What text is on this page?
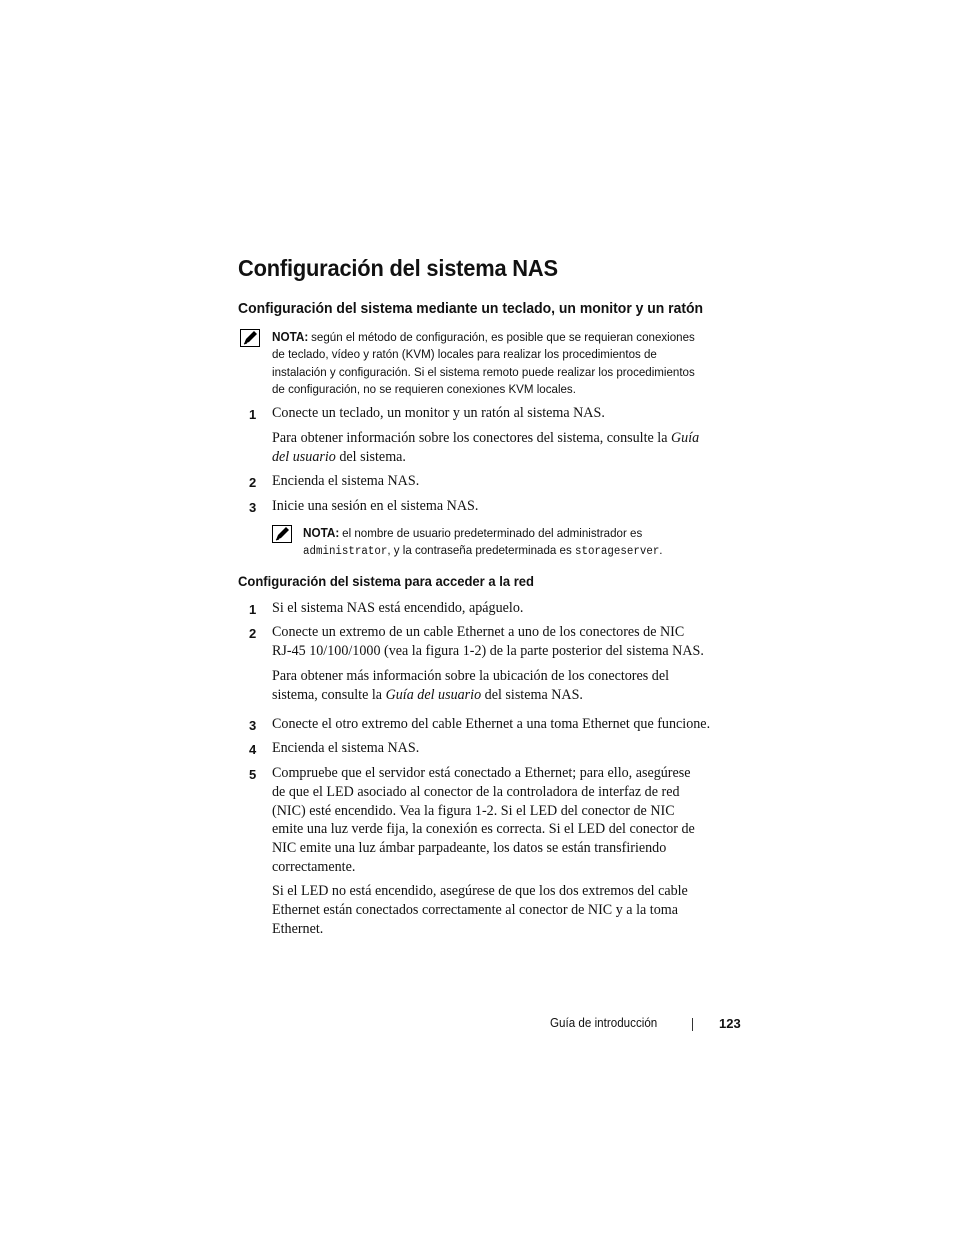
Configuración del sistema NAS
Configuración del sistema mediante un teclado, un monitor y un ratón
NOTA: según el método de configuración, es posible que se requieran conexiones
de teclado, vídeo y ratón (KVM) locales para realizar los procedimientos de
instalación y configuración. Si el sistema remoto puede realizar los procedimientos
de configuración, no se requieren conexiones KVM locales.
1	Conecte un teclado, un monitor y un ratón al sistema NAS.
Para obtener información sobre los conectores del sistema, consulte la Guía
del usuario del sistema.
2	Encienda el sistema NAS.
3	Inicie una sesión en el sistema NAS.
NOTA: el nombre de usuario predeterminado del administrador es
administrator, y la contraseña predeterminada es storageserver.
Configuración del sistema para acceder a la red
1	Si el sistema NAS está encendido, apáguelo.
2	Conecte un extremo de un cable Ethernet a uno de los conectores de NIC
RJ-45 10/100/1000 (vea la figura 1-2) de la parte posterior del sistema NAS.
Para obtener más información sobre la ubicación de los conectores del
sistema, consulte la Guía del usuario del sistema NAS.
3	Conecte el otro extremo del cable Ethernet a una toma Ethernet que funcione.
4	Encienda el sistema NAS.
5	Compruebe que el servidor está conectado a Ethernet; para ello, asegúrese
de que el LED asociado al conector de la controladora de interfaz de red
(NIC) esté encendido. Vea la figura 1-2. Si el LED del conector de NIC
emite una luz verde fija, la conexión es correcta. Si el LED del conector de
NIC emite una luz ámbar parpadeante, los datos se están transfiriendo
correctamente.
Si el LED no está encendido, asegúrese de que los dos extremos del cable
Ethernet están conectados correctamente al conector de NIC y a la toma
Ethernet.
Guía de introducción	123
